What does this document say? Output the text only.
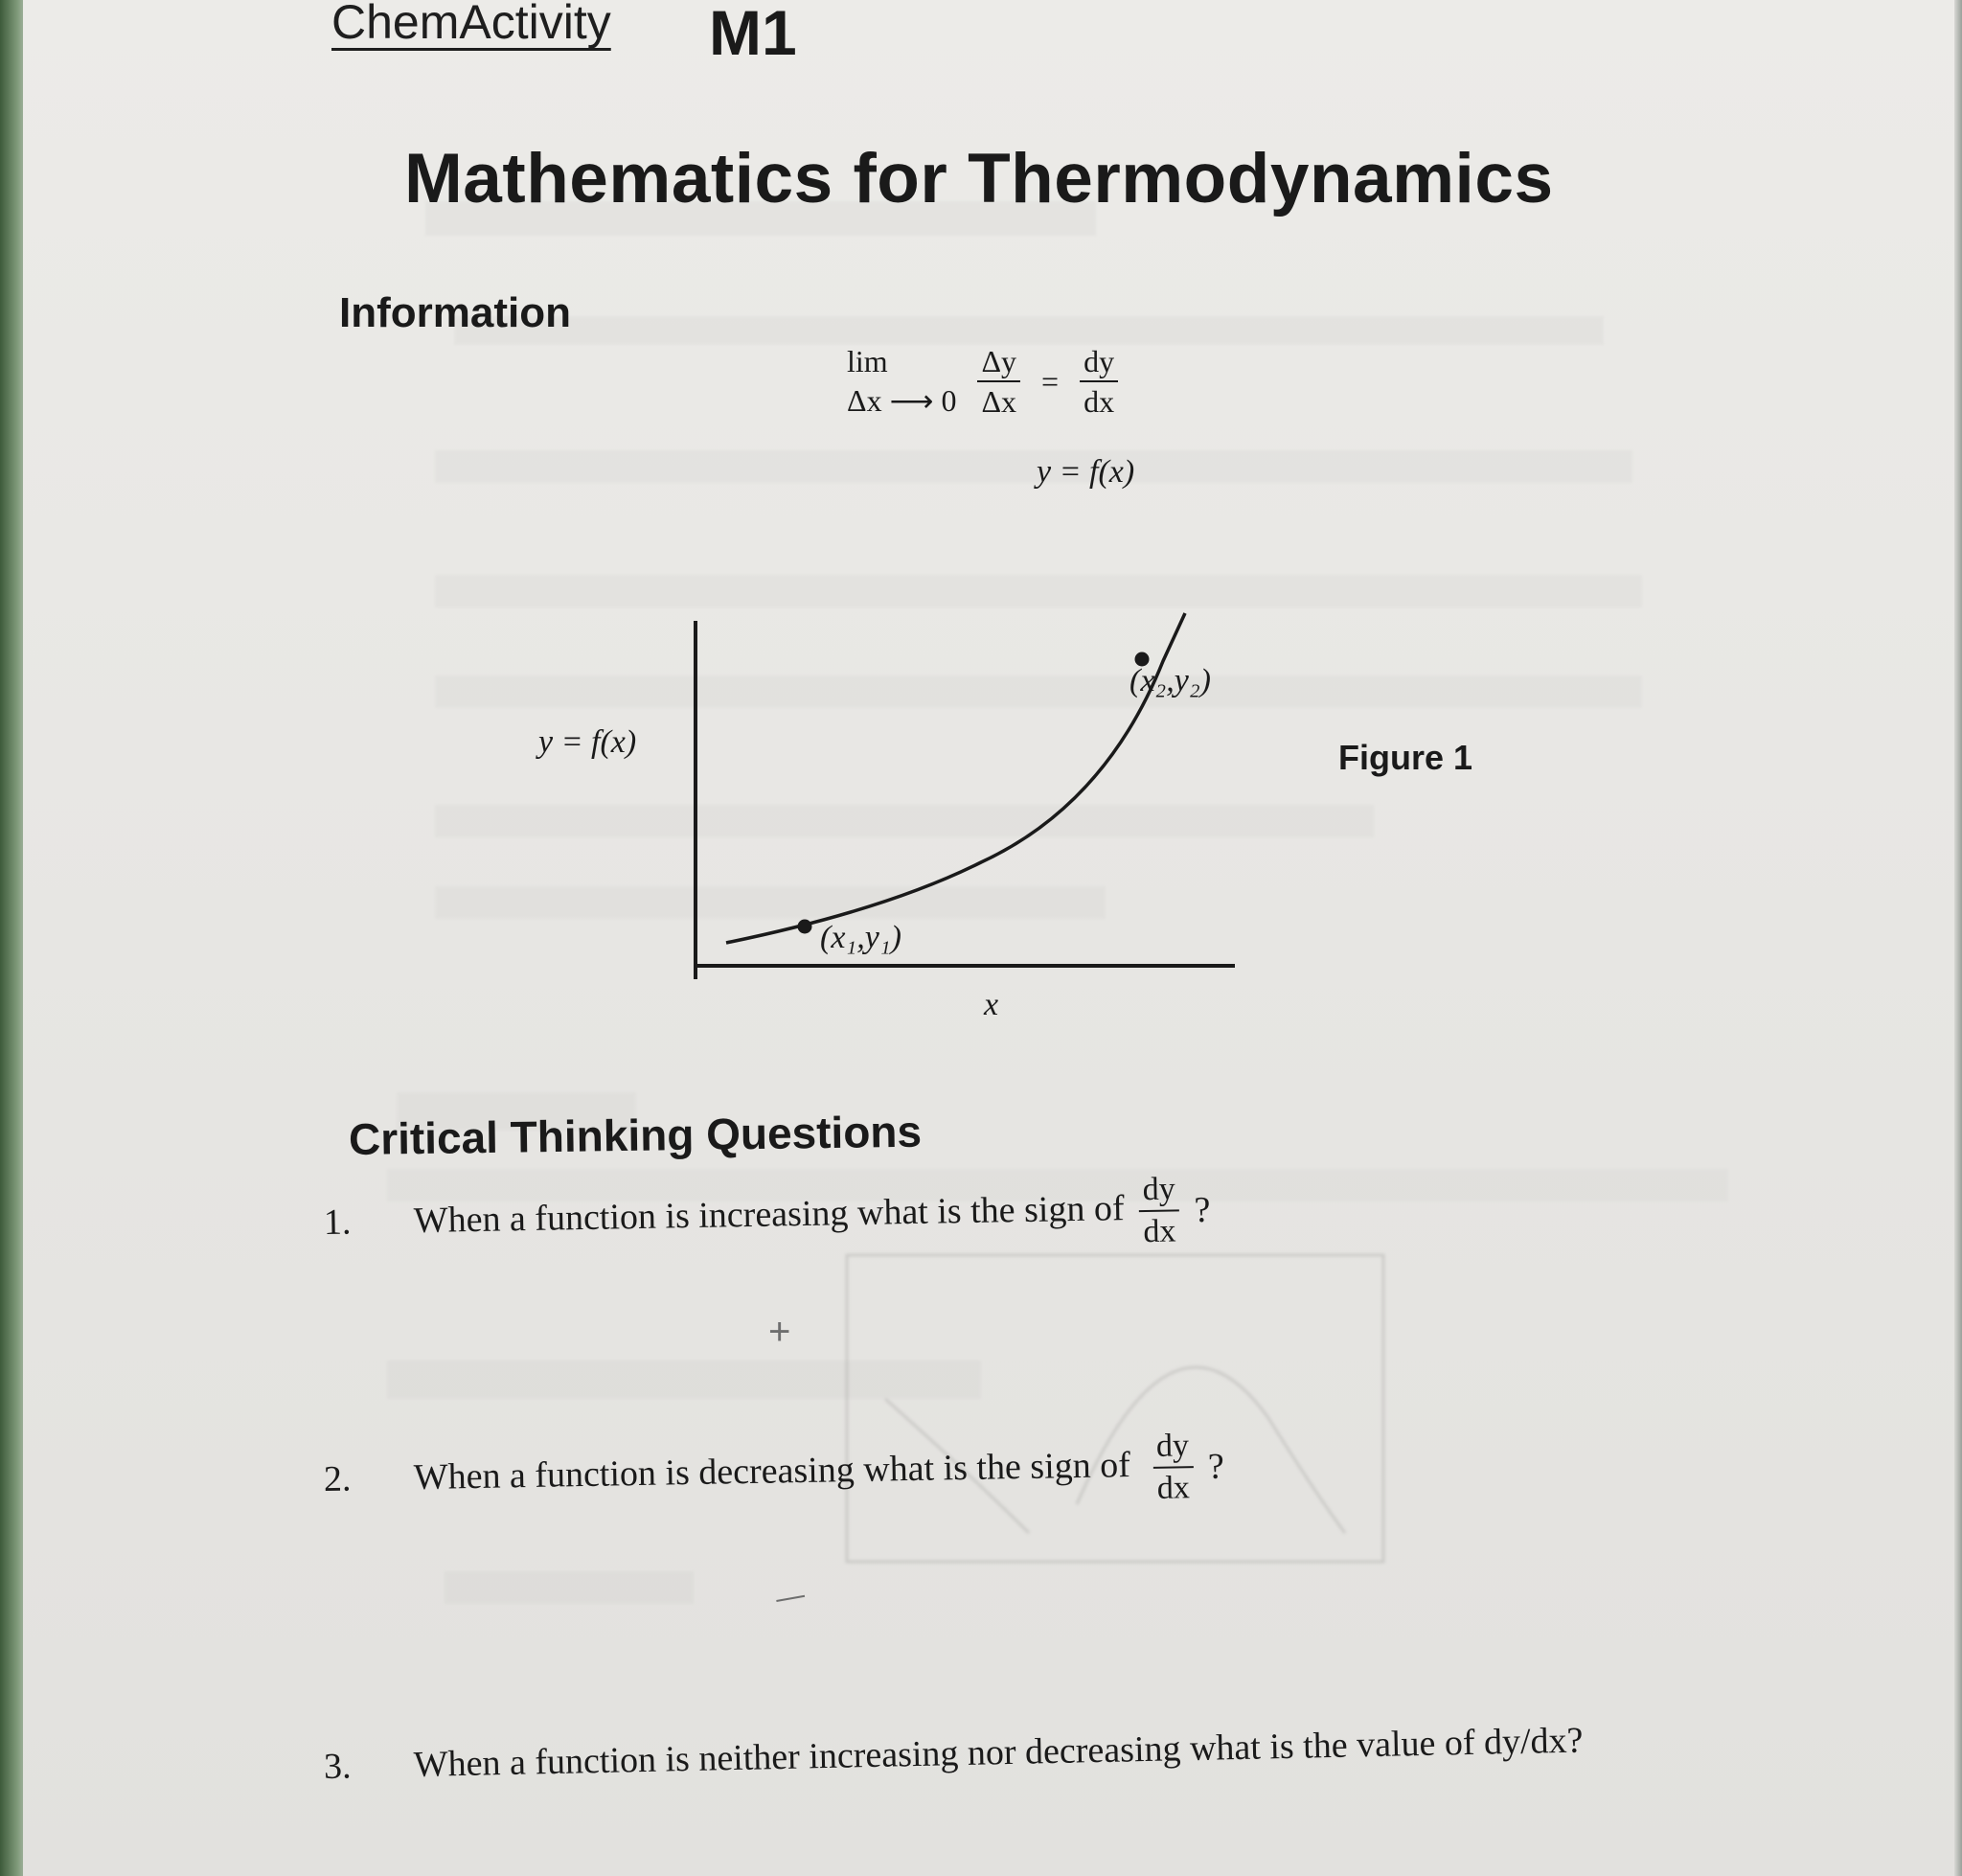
ChemActivity M1
Mathematics for Thermodynamics
Information
lim
Δx ⟶ 0
$\frac{\Delta y}{\Delta x} = \frac{dy}{dx}$
y = f(x)
y = f(x)
x
(x₁,y₁)
(x₂,y₂)
Figure 1
Critical Thinking Questions
1. When a function is increasing what is the sign of $\frac{dy}{dx}$ ?
2. When a function is decreasing what is the sign of $\frac{dy}{dx}$ ?
3. When a function is neither increasing nor decreasing what is the value of dy/dx?
+
—
